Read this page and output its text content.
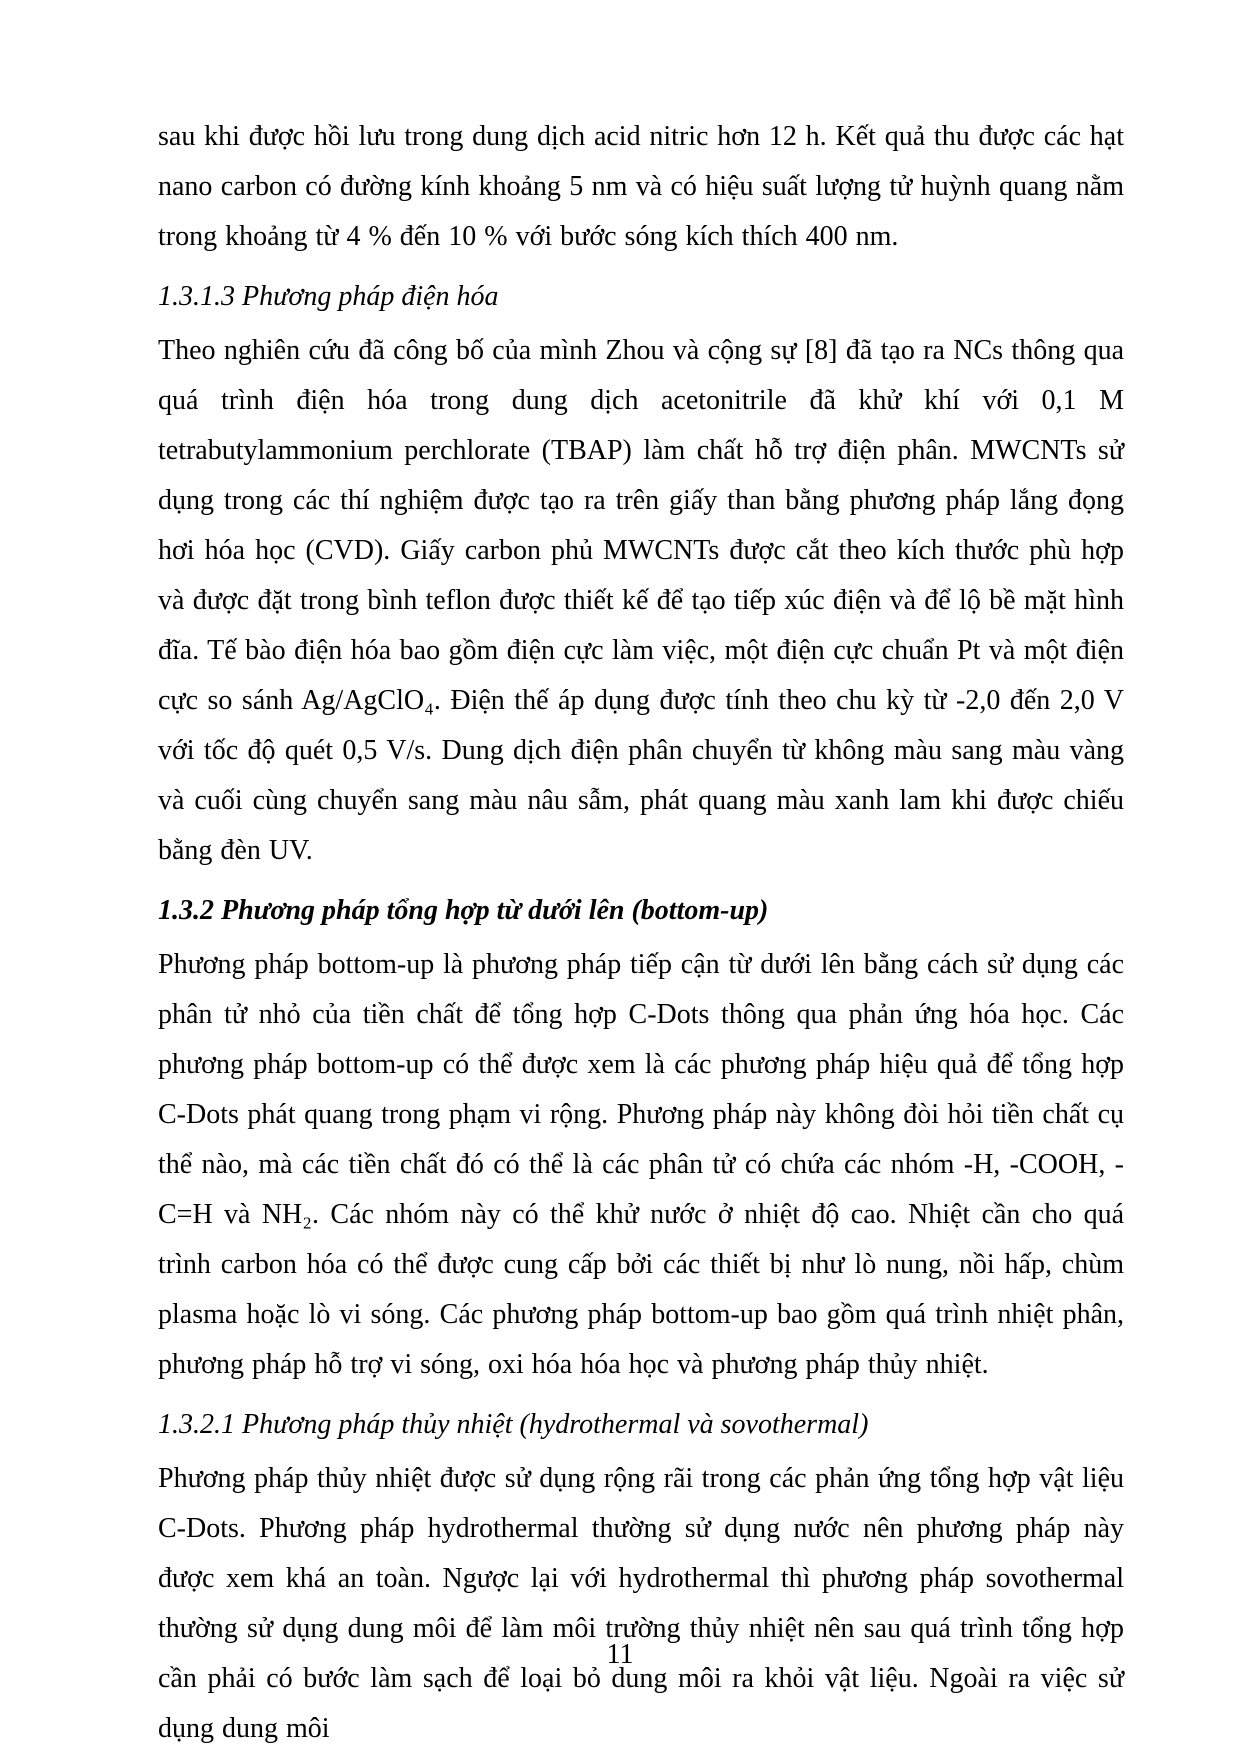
sau khi được hồi lưu trong dung dịch acid nitric hơn 12 h. Kết quả thu được các hạt nano carbon có đường kính khoảng 5 nm và có hiệu suất lượng tử huỳnh quang nằm trong khoảng từ 4 % đến 10 % với bước sóng kích thích 400 nm.

1.3.1.3 Phương pháp điện hóa

Theo nghiên cứu đã công bố của mình Zhou và cộng sự [8] đã tạo ra NCs thông qua quá trình điện hóa trong dung dịch acetonitrile đã khử khí với 0,1 M tetrabutylammonium perchlorate (TBAP) làm chất hỗ trợ điện phân. MWCNTs sử dụng trong các thí nghiệm được tạo ra trên giấy than bằng phương pháp lắng đọng hơi hóa học (CVD). Giấy carbon phủ MWCNTs được cắt theo kích thước phù hợp và được đặt trong bình teflon được thiết kế để tạo tiếp xúc điện và để lộ bề mặt hình đĩa. Tế bào điện hóa bao gồm điện cực làm việc, một điện cực chuẩn Pt và một điện cực so sánh Ag/AgClO₄. Điện thế áp dụng được tính theo chu kỳ từ -2,0 đến 2,0 V với tốc độ quét 0,5 V/s. Dung dịch điện phân chuyển từ không màu sang màu vàng và cuối cùng chuyển sang màu nâu sẫm, phát quang màu xanh lam khi được chiếu bằng đèn UV.

1.3.2 Phương pháp tổng hợp từ dưới lên (bottom-up)

Phương pháp bottom-up là phương pháp tiếp cận từ dưới lên bằng cách sử dụng các phân tử nhỏ của tiền chất để tổng hợp C-Dots thông qua phản ứng hóa học. Các phương pháp bottom-up có thể được xem là các phương pháp hiệu quả để tổng hợp C-Dots phát quang trong phạm vi rộng. Phương pháp này không đòi hỏi tiền chất cụ thể nào, mà các tiền chất đó có thể là các phân tử có chứa các nhóm -H, -COOH, -C=H và NH₂. Các nhóm này có thể khử nước ở nhiệt độ cao. Nhiệt cần cho quá trình carbon hóa có thể được cung cấp bởi các thiết bị như lò nung, nồi hấp, chùm plasma hoặc lò vi sóng. Các phương pháp bottom-up bao gồm quá trình nhiệt phân, phương pháp hỗ trợ vi sóng, oxi hóa hóa học và phương pháp thủy nhiệt.

1.3.2.1 Phương pháp thủy nhiệt (hydrothermal và sovothermal)

Phương pháp thủy nhiệt được sử dụng rộng rãi trong các phản ứng tổng hợp vật liệu C-Dots. Phương pháp hydrothermal thường sử dụng nước nên phương pháp này được xem khá an toàn. Ngược lại với hydrothermal thì phương pháp sovothermal thường sử dụng dung môi để làm môi trường thủy nhiệt nên sau quá trình tổng hợp cần phải có bước làm sạch để loại bỏ dung môi ra khỏi vật liệu. Ngoài ra việc sử dụng dung môi

11
